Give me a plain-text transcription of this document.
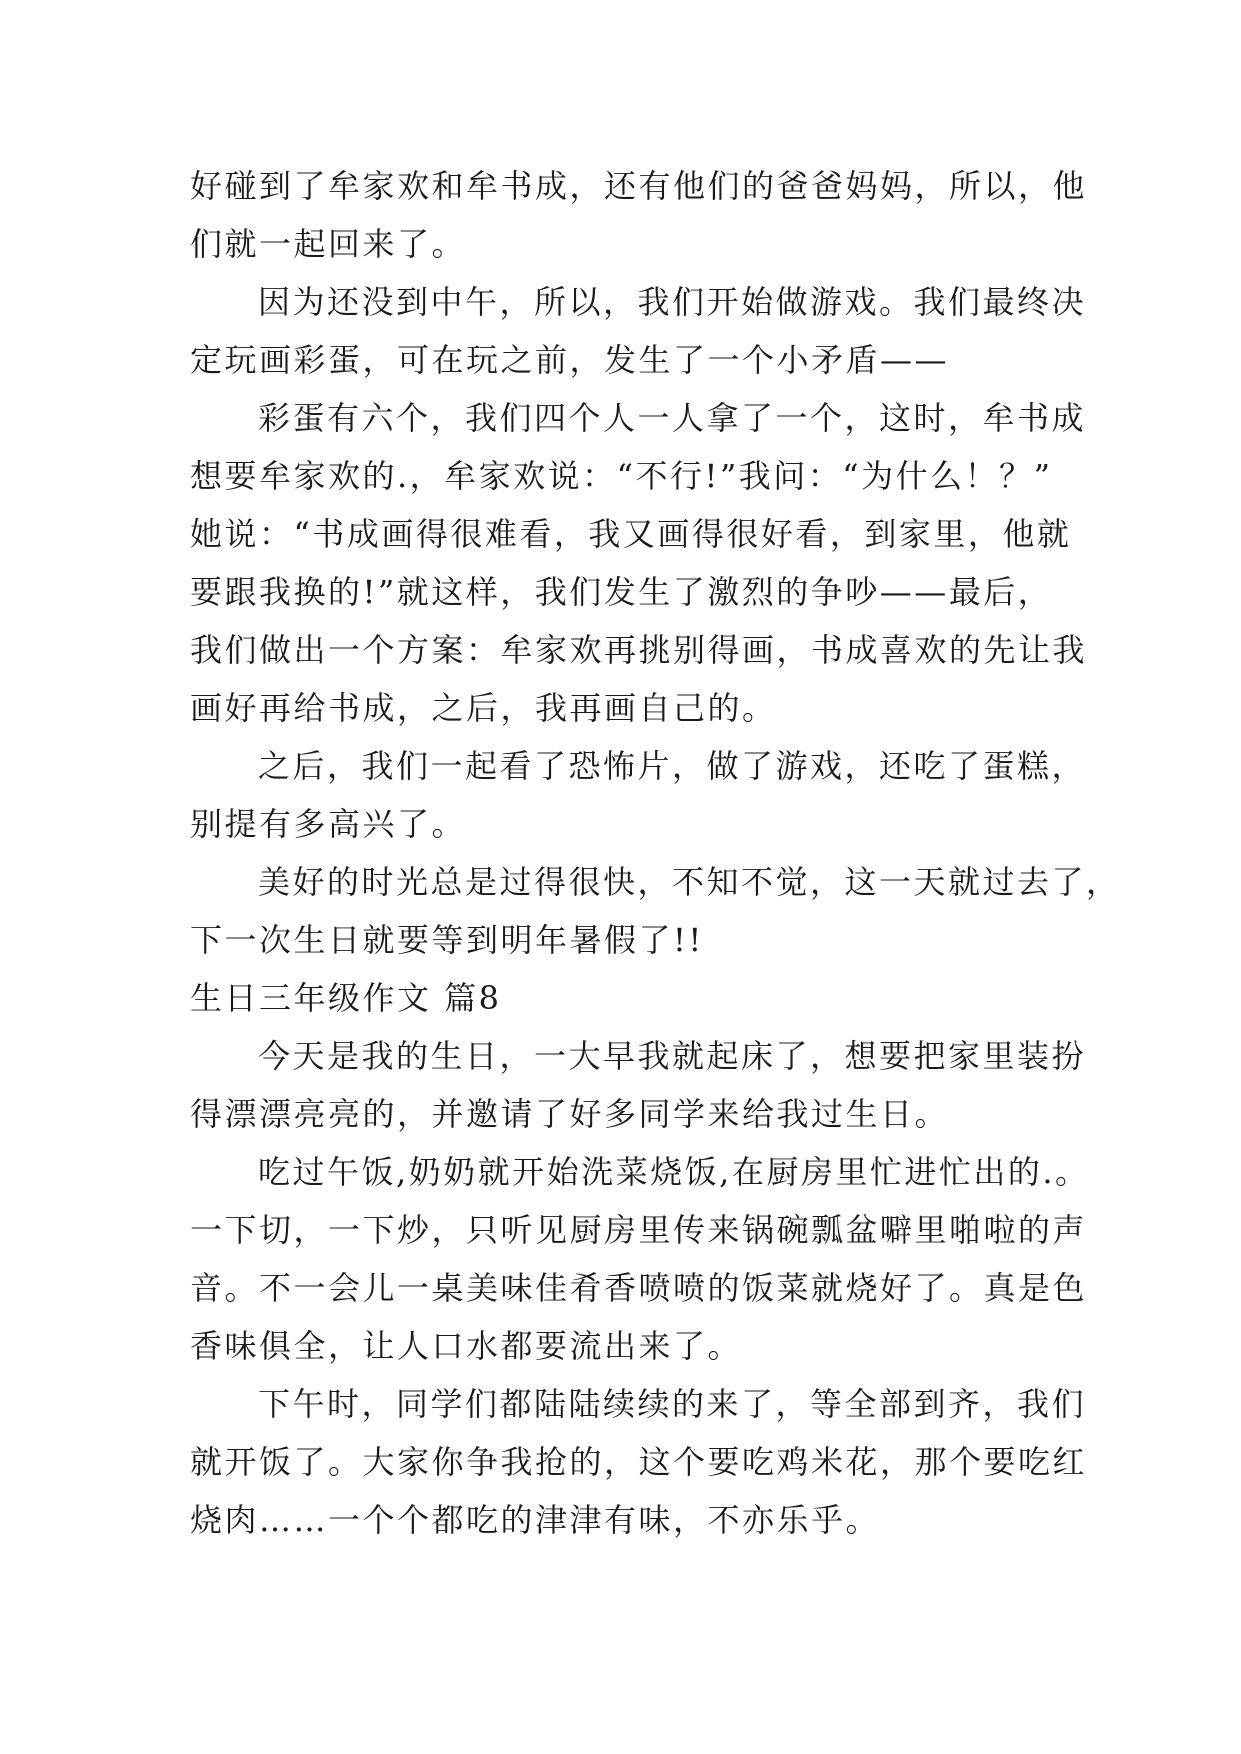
好碰到了牟家欢和牟书成，还有他们的爸爸妈妈，所以，他
们就一起回来了。
因为还没到中午，所以，我们开始做游戏。我们最终决
定玩画彩蛋，可在玩之前，发生了一个小矛盾——
彩蛋有六个，我们四个人一人拿了一个，这时，牟书成
想要牟家欢的.，牟家欢说：“不行!”我问：“为什么！？”
她说：“书成画得很难看，我又画得很好看，到家里，他就
要跟我换的!”就这样，我们发生了激烈的争吵——最后，
我们做出一个方案：牟家欢再挑别得画，书成喜欢的先让我
画好再给书成，之后，我再画自己的。
之后，我们一起看了恐怖片，做了游戏，还吃了蛋糕，
别提有多高兴了。
美好的时光总是过得很快，不知不觉，这一天就过去了，
下一次生日就要等到明年暑假了!!
生日三年级作文 篇8
今天是我的生日，一大早我就起床了，想要把家里装扮
得漂漂亮亮的，并邀请了好多同学来给我过生日。
吃过午饭,奶奶就开始洗菜烧饭,在厨房里忙进忙出的.。
一下切，一下炒，只听见厨房里传来锅碗瓢盆噼里啪啦的声
音。不一会儿一桌美味佳肴香喷喷的饭菜就烧好了。真是色
香味俱全，让人口水都要流出来了。
下午时，同学们都陆陆续续的来了，等全部到齐，我们
就开饭了。大家你争我抢的，这个要吃鸡米花，那个要吃红
烧肉……一个个都吃的津津有味，不亦乐乎。
